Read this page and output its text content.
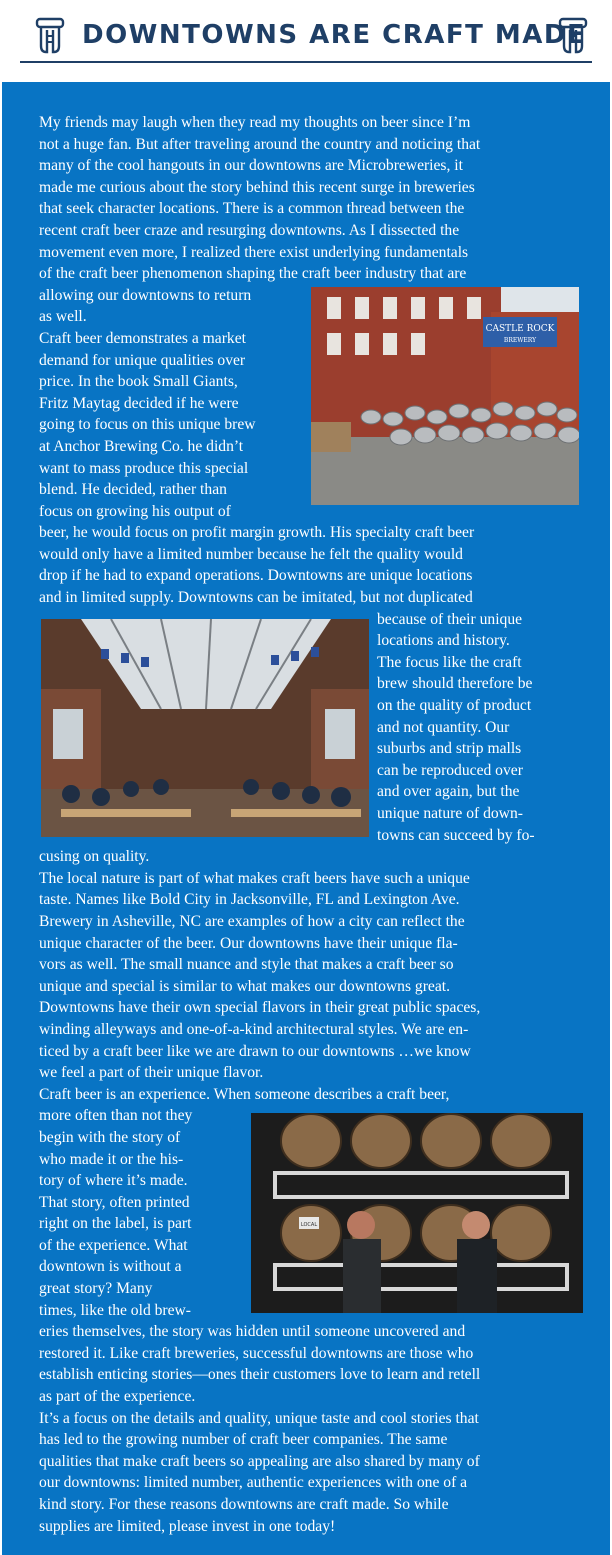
DOWNTOWNS ARE CRAFT MADE

My friends may laugh when they read my thoughts on beer since I’m
not a huge fan. But after traveling around the country and noticing that
many of the cool hangouts in our downtowns are Microbreweries, it
made me curious about the story behind this recent surge in breweries
that seek character locations. There is a common thread between the
recent craft beer craze and resurging downtowns. As I dissected the
movement even more, I realized there exist underlying fundamentals
of the craft beer phenomenon shaping the craft beer industry that are
CASTLE ROCK
BREWERY
allowing our downtowns to return
as well.

Craft beer demonstrates a market
demand for unique qualities over
price. In the book Small Giants,
Fritz Maytag decided if he were
going to focus on this unique brew
at Anchor Brewing Co. he didn’t
want to mass produce this special
blend. He decided, rather than
focus on growing his output of
beer, he would focus on profit margin growth. His specialty craft beer
would only have a limited number because he felt the quality would
drop if he had to expand operations. Downtowns are unique locations
and in limited supply. Downtowns can be imitated, but not duplicated
because of their unique
locations and history.
The focus like the craft
brew should therefore be
on the quality of product
and not quantity. Our
suburbs and strip malls
can be reproduced over
and over again, but the
unique nature of down-
towns can succeed by fo-
cusing on quality.

The local nature is part of what makes craft beers have such a unique
taste. Names like Bold City in Jacksonville, FL and Lexington Ave.
Brewery in Asheville, NC are examples of how a city can reflect the
unique character of the beer. Our downtowns have their unique fla-
vors as well. The small nuance and style that makes a craft beer so
unique and special is similar to what makes our downtowns great.
Downtowns have their own special flavors in their great public spaces,
winding alleyways and one-of-a-kind architectural styles. We are en-
ticed by a craft beer like we are drawn to our downtowns …we know
we feel a part of their unique flavor.

Craft beer is an experience. When someone describes a craft beer,
LOCAL
more often than not they
begin with the story of
who made it or the his-
tory of where it’s made.
That story, often printed
right on the label, is part
of the experience. What
downtown is without a
great story? Many
times, like the old brew-
eries themselves, the story was hidden until someone uncovered and
restored it. Like craft breweries, successful downtowns are those who
establish enticing stories—ones their customers love to learn and retell
as part of the experience.

It’s a focus on the details and quality, unique taste and cool stories that
has led to the growing number of craft beer companies. The same
qualities that make craft beers so appealing are also shared by many of
our downtowns: limited number, authentic experiences with one of a
kind story. For these reasons downtowns are craft made. So while
supplies are limited, please invest in one today!
